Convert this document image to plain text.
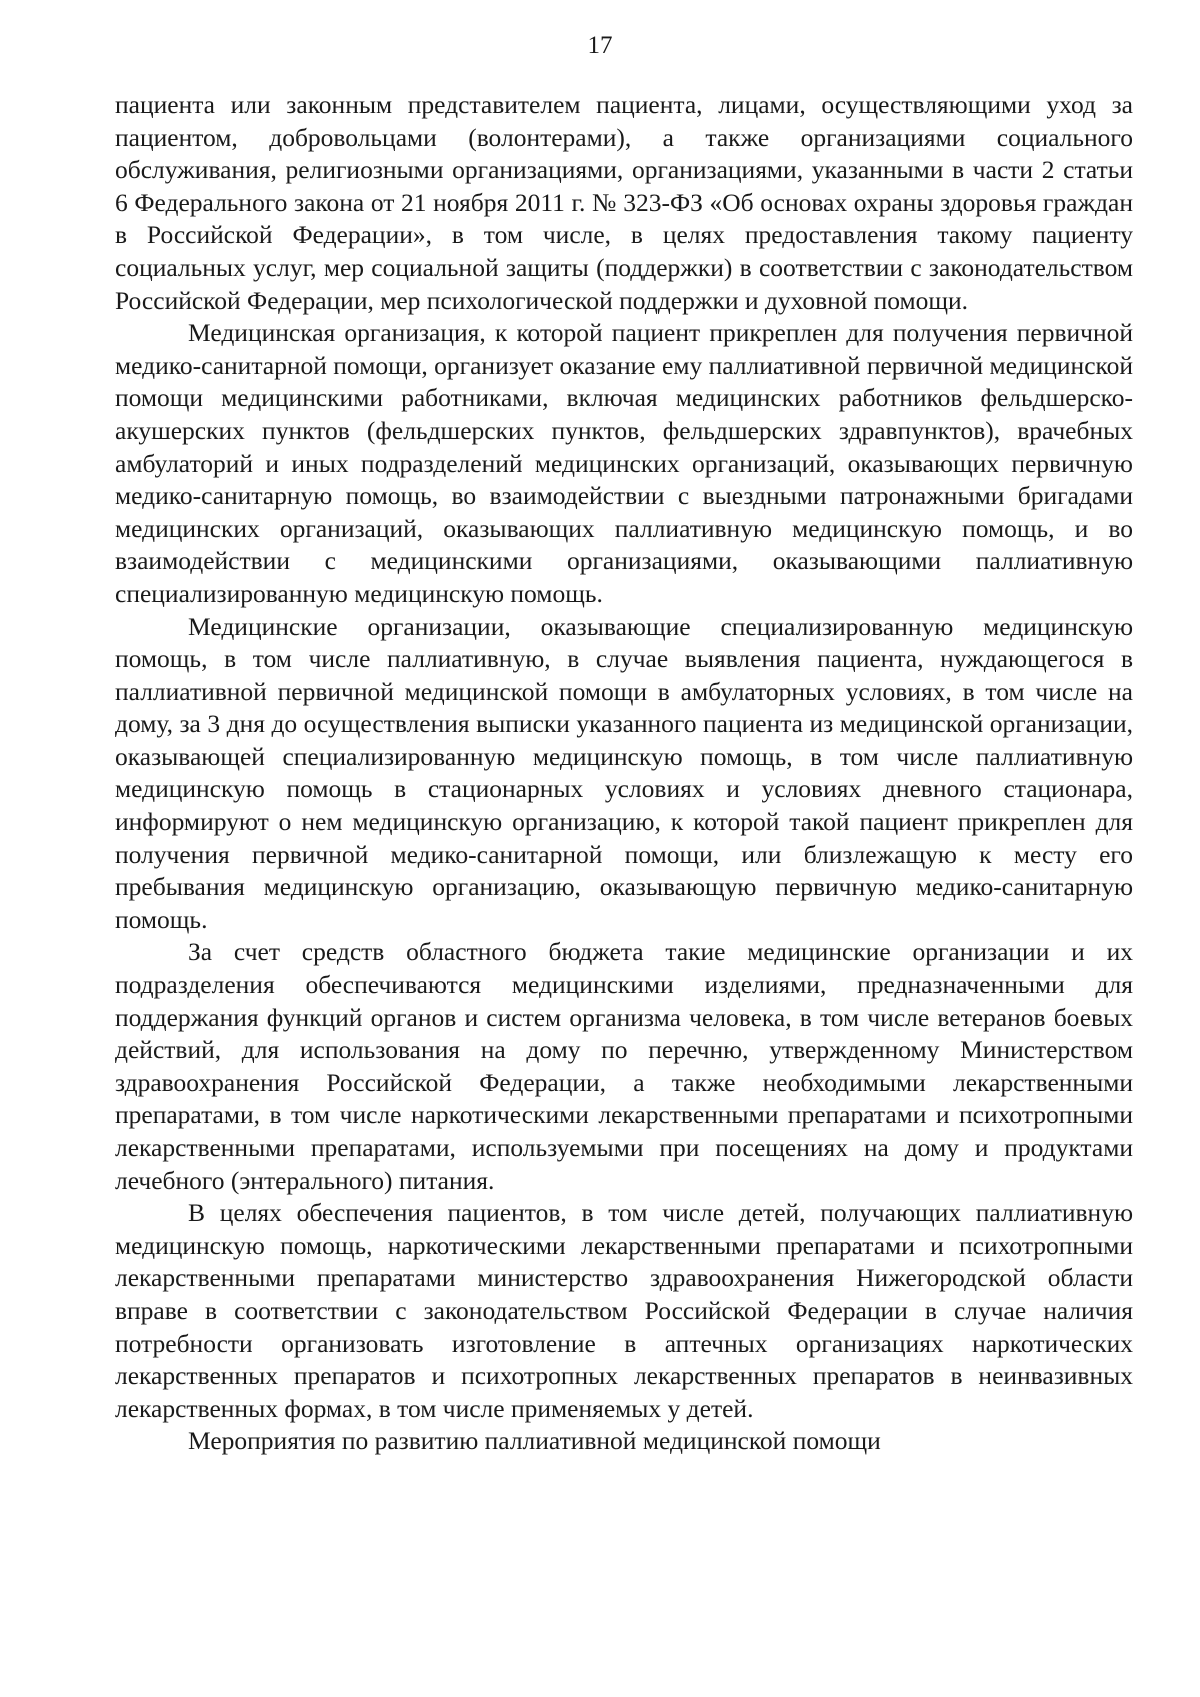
17

пациента или законным представителем пациента, лицами, осуществляющими уход за пациентом, добровольцами (волонтерами), а также организациями социального обслуживания, религиозными организациями, организациями, указанными в части 2 статьи 6 Федерального закона от 21 ноября 2011 г. № 323-ФЗ «Об основах охраны здоровья граждан в Российской Федерации», в том числе, в целях предоставления такому пациенту социальных услуг, мер социальной защиты (поддержки) в соответствии с законодательством Российской Федерации, мер психологической поддержки и духовной помощи.

Медицинская организация, к которой пациент прикреплен для получения первичной медико-санитарной помощи, организует оказание ему паллиативной первичной медицинской помощи медицинскими работниками, включая медицинских работников фельдшерско-акушерских пунктов (фельдшерских пунктов, фельдшерских здравпунктов), врачебных амбулаторий и иных подразделений медицинских организаций, оказывающих первичную медико-санитарную помощь, во взаимодействии с выездными патронажными бригадами медицинских организаций, оказывающих паллиативную медицинскую помощь, и во взаимодействии с медицинскими организациями, оказывающими паллиативную специализированную медицинскую помощь.

Медицинские организации, оказывающие специализированную медицинскую помощь, в том числе паллиативную, в случае выявления пациента, нуждающегося в паллиативной первичной медицинской помощи в амбулаторных условиях, в том числе на дому, за 3 дня до осуществления выписки указанного пациента из медицинской организации, оказывающей специализированную медицинскую помощь, в том числе паллиативную медицинскую помощь в стационарных условиях и условиях дневного стационара, информируют о нем медицинскую организацию, к которой такой пациент прикреплен для получения первичной медико-санитарной помощи, или близлежащую к месту его пребывания медицинскую организацию, оказывающую первичную медико-санитарную помощь.

За счет средств областного бюджета такие медицинские организации и их подразделения обеспечиваются медицинскими изделиями, предназначенными для поддержания функций органов и систем организма человека, в том числе ветеранов боевых действий, для использования на дому по перечню, утвержденному Министерством здравоохранения Российской Федерации, а также необходимыми лекарственными препаратами, в том числе наркотическими лекарственными препаратами и психотропными лекарственными препаратами, используемыми при посещениях на дому и продуктами лечебного (энтерального) питания.

В целях обеспечения пациентов, в том числе детей, получающих паллиативную медицинскую помощь, наркотическими лекарственными препаратами и психотропными лекарственными препаратами министерство здравоохранения Нижегородской области вправе в соответствии с законодательством Российской Федерации в случае наличия потребности организовать изготовление в аптечных организациях наркотических лекарственных препаратов и психотропных лекарственных препаратов в неинвазивных лекарственных формах, в том числе применяемых у детей.

Мероприятия по развитию паллиативной медицинской помощи
